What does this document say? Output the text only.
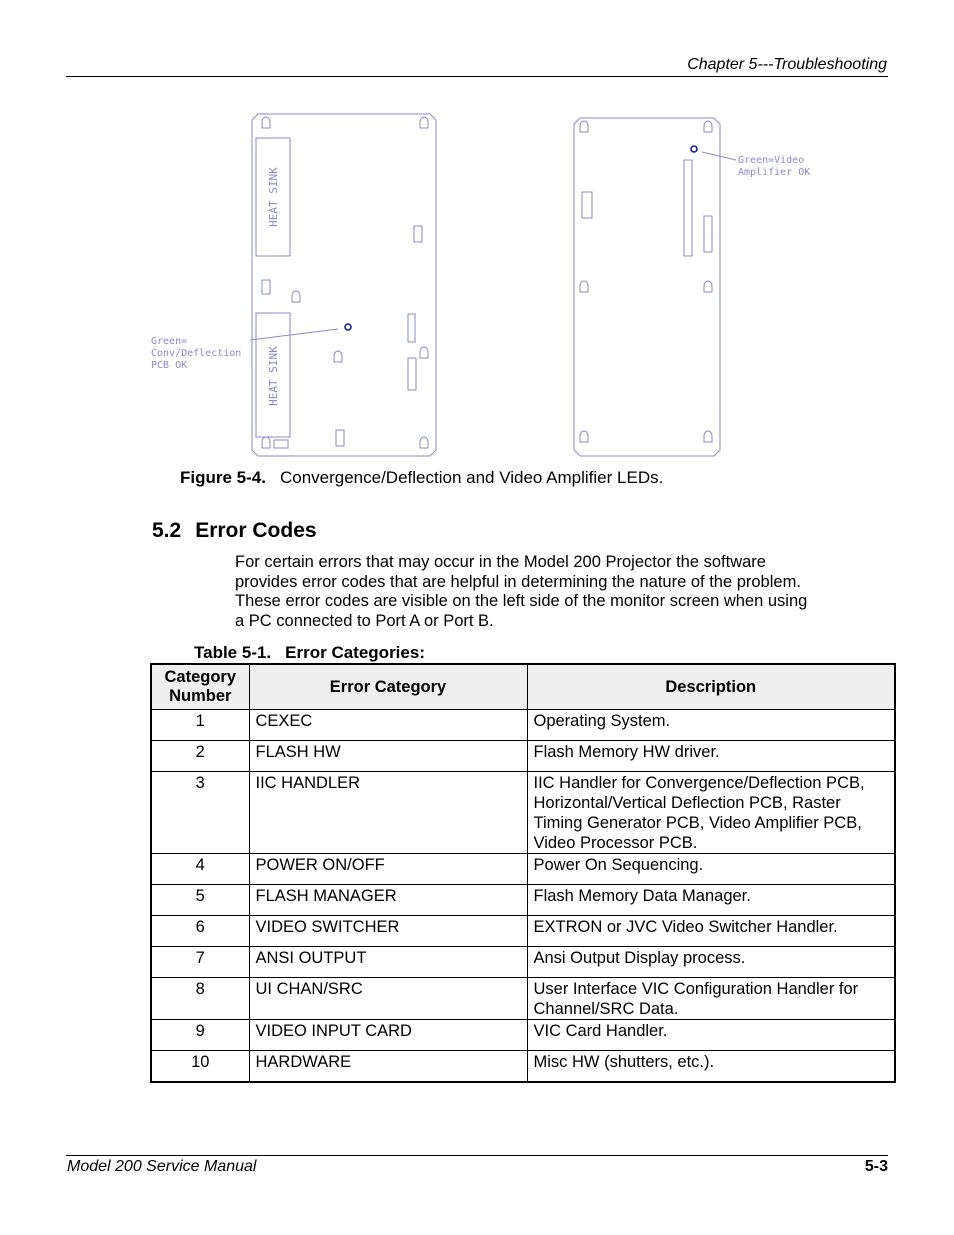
Chapter 5---Troubleshooting
HEAT SINK
HEAT SINK
Green=
Conv/Deflection
PCB OK
Green=Video
Amplifier OK
Figure 5-4. Convergence/Deflection and Video Amplifier LEDs.
5.2 Error Codes
For certain errors that may occur in the Model 200 Projector the software provides error codes that are helpful in determining the nature of the problem. These error codes are visible on the left side of the monitor screen when using a PC connected to Port A or Port B.
Table 5-1. Error Categories:
Category Number	Error Category	Description
1	CEXEC	Operating System.
2	FLASH HW	Flash Memory HW driver.
3	IIC HANDLER	IIC Handler for Convergence/Deflection PCB, Horizontal/Vertical Deflection PCB, Raster Timing Generator PCB, Video Amplifier PCB, Video Processor PCB.
4	POWER ON/OFF	Power On Sequencing.
5	FLASH MANAGER	Flash Memory Data Manager.
6	VIDEO SWITCHER	EXTRON or JVC Video Switcher Handler.
7	ANSI OUTPUT	Ansi Output Display process.
8	UI CHAN/SRC	User Interface VIC Configuration Handler for Channel/SRC Data.
9	VIDEO INPUT CARD	VIC Card Handler.
10	HARDWARE	Misc HW (shutters, etc.).
Model 200 Service Manual	5-3
